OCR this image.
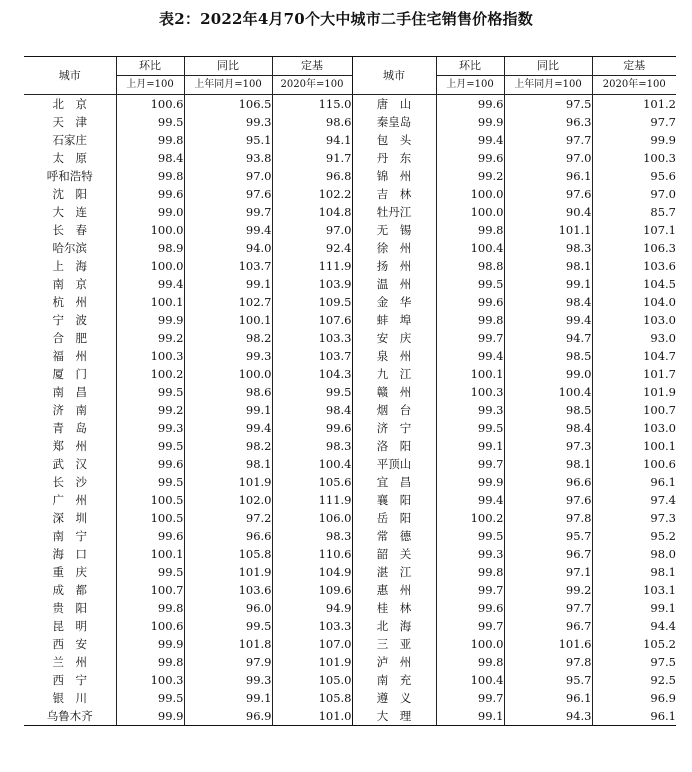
表2：2022年4月70个大中城市二手住宅销售价格指数
城市	环比	同比	定基	城市	环比	同比	定基
	上月=100	上年同月=100	2020年=100		上月=100	上年同月=100	2020年=100
北　京	100.6	106.5	115.0	唐　山	99.6	97.5	101.2
天　津	99.5	99.3	98.6	秦皇岛	99.9	96.3	97.7
石家庄	99.8	95.1	94.1	包　头	99.4	97.7	99.9
太　原	98.4	93.8	91.7	丹　东	99.6	97.0	100.3
呼和浩特	99.8	97.0	96.8	锦　州	99.2	96.1	95.6
沈　阳	99.6	97.6	102.2	吉　林	100.0	97.6	97.0
大　连	99.0	99.7	104.8	牡丹江	100.0	90.4	85.7
长　春	100.0	99.4	97.0	无　锡	99.8	101.1	107.1
哈尔滨	98.9	94.0	92.4	徐　州	100.4	98.3	106.3
上　海	100.0	103.7	111.9	扬　州	98.8	98.1	103.6
南　京	99.4	99.1	103.9	温　州	99.5	99.1	104.5
杭　州	100.1	102.7	109.5	金　华	99.6	98.4	104.0
宁　波	99.9	100.1	107.6	蚌　埠	99.8	99.4	103.0
合　肥	99.2	98.2	103.3	安　庆	99.7	94.7	93.0
福　州	100.3	99.3	103.7	泉　州	99.4	98.5	104.7
厦　门	100.2	100.0	104.3	九　江	100.1	99.0	101.7
南　昌	99.5	98.6	99.5	赣　州	100.3	100.4	101.9
济　南	99.2	99.1	98.4	烟　台	99.3	98.5	100.7
青　岛	99.3	99.4	99.6	济　宁	99.5	98.4	103.0
郑　州	99.5	98.2	98.3	洛　阳	99.1	97.3	100.1
武　汉	99.6	98.1	100.4	平顶山	99.7	98.1	100.6
长　沙	99.5	101.9	105.6	宜　昌	99.9	96.6	96.1
广　州	100.5	102.0	111.9	襄　阳	99.4	97.6	97.4
深　圳	100.5	97.2	106.0	岳　阳	100.2	97.8	97.3
南　宁	99.6	96.6	98.3	常　德	99.5	95.7	95.2
海　口	100.1	105.8	110.6	韶　关	99.3	96.7	98.0
重　庆	99.5	101.9	104.9	湛　江	99.8	97.1	98.1
成　都	100.7	103.6	109.6	惠　州	99.7	99.2	103.1
贵　阳	99.8	96.0	94.9	桂　林	99.6	97.7	99.1
昆　明	100.6	99.5	103.3	北　海	99.7	96.7	94.4
西　安	99.9	101.8	107.0	三　亚	100.0	101.6	105.2
兰　州	99.8	97.9	101.9	泸　州	99.8	97.8	97.5
西　宁	100.3	99.3	105.0	南　充	100.4	95.7	92.5
银　川	99.5	99.1	105.8	遵　义	99.7	96.1	96.9
乌鲁木齐	99.9	96.9	101.0	大　理	99.1	94.3	96.1
